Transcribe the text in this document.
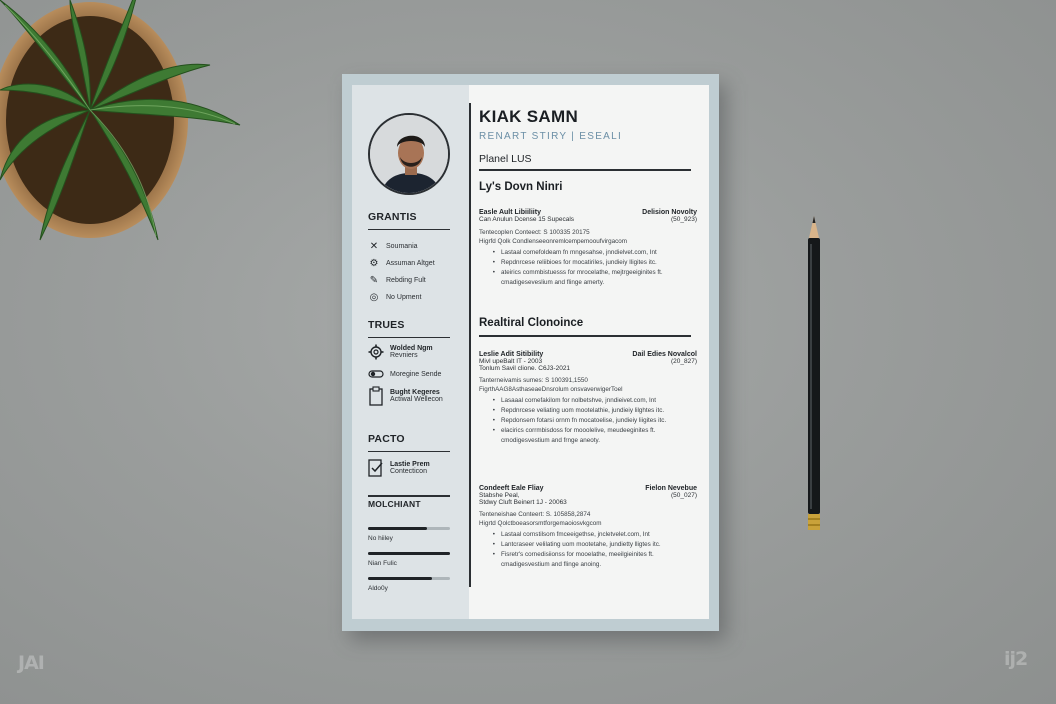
JAI	ij2
GRANTIS
✕ Soumania
⚙ Assuman Altget
✎ Rebding Fult
◎ No Upment
TRUES
Wolded Ngm
Revniers
Moregine Sende
Bught Kegeres
Actiwal Wellecon
PACTO
Lastie Prem
Contecticon
MOLCHIANT
No hiiley
Nian Fulic
Aldo0y
KIAK SAMN
RENART STIRY | ESEALI
Planel LUS
Ly's Dovn Ninri
Easle Ault Libiiliity	Delision Novolty
Can Anulun Dcense 15 Supecals	(50_923)
Tentecoplen Conteect: S 100335 20175
Higrfd Qolk Condlenseeonremlcempemooufvirgacom
• Lastaal cornefoldeam fn mngesahse, jnndielvet.com, Int
• Repdnrcese reliibioes for mocatiriles, jundieiy Iligites itc.
• ateirics commbistuesss for mrocelathe, mejtrgeeiginites ft.
cmadigeseveslium and flinge amerty.
Realtiral Clonoince
Leslie Adit Sitibility	Dail Edies Novalcol
Mivl upeBalt IT - 2003	(20_827)
Tonlum Savil clione. C6J3-2021
Tanterneivamis sumes: S 100391,1550
FigrthAAG8AsthaseaeDnsrolum onsvaverwigerToel
• Lasaaal cornefakilom for nolbetshve, jnndieivet.com, Int
• Repdnrcese veliating uom mootelathie, jundieiy lilghtes itc.
• Repdonsem fotarsi ornm fn mocatoelise, jundieiy liigites itc.
• elacirics corrmbisdoss for mooolelive, meudeeginites ft.
cmodigesvestium and frnge aneoty.
Condeeft Eale Fliay	Fielon Nevebue
Stabshe Peal,	(50_027)
Stdwy Cluft Beinert 1J - 20063
Tenteneishae Conteert: S. 105858,2874
Higrtd Qolctboeasorsmtforgemaoiosvkgcom
• Lastaal cornstilsom fmceeigethse, jncletvelet.com, Int
• Lantcraseer velilating uom mootetahe, jundietty lligtes itc.
• Fisretr's cornedisiionss for mooelathe, meeilgieinites ft.
cmadigesvestium and flinge anoing.
